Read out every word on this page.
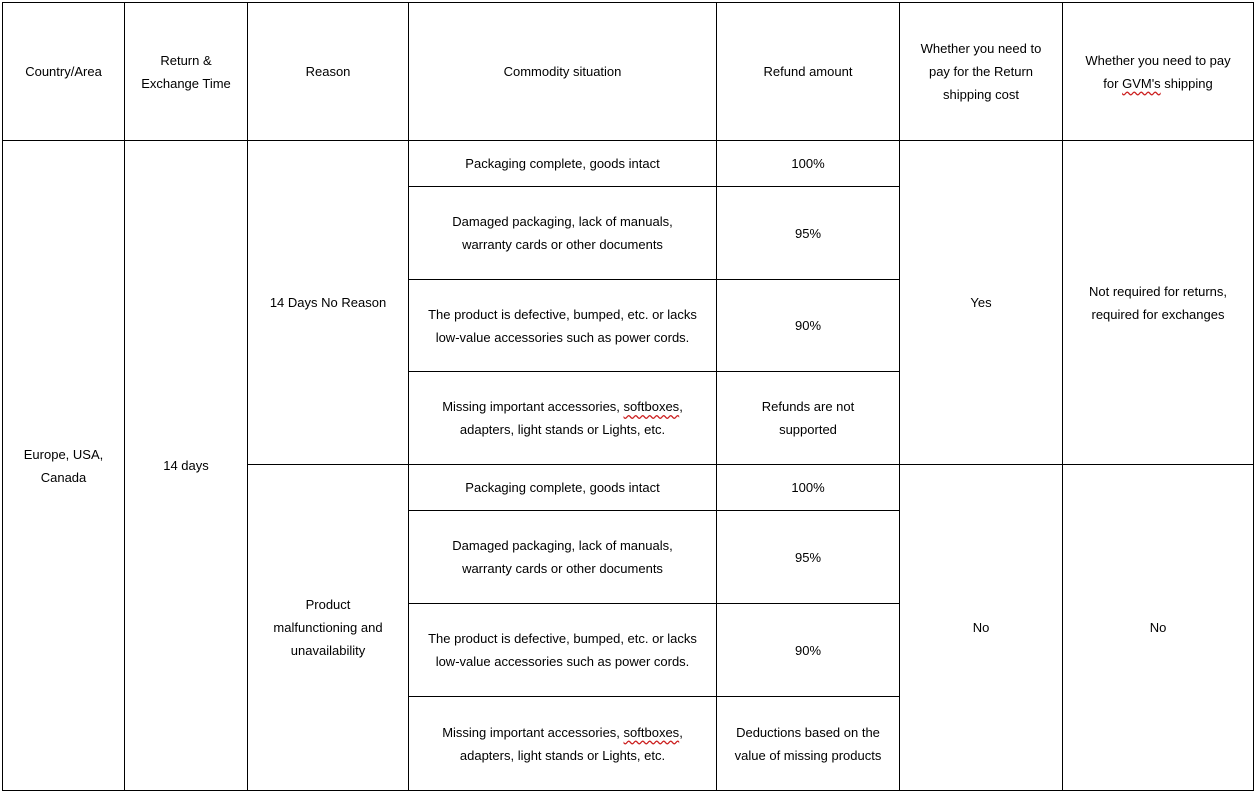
Country/Area	Return &
Exchange Time	Reason	Commodity situation	Refund amount	Whether you need to
pay for the Return
shipping cost	Whether you need to pay
for GVM's shipping

Europe, USA,
Canada	14 days	14 Days No Reason	Packaging complete, goods intact	100%	Yes	Not required for returns,
required for exchanges

			Damaged packaging, lack of manuals,
warranty cards or other documents	95%		

			The product is defective, bumped, etc. or lacks
low-value accessories such as power cords.	90%		

			Missing important accessories, softboxes,
adapters, light stands or Lights, etc.	Refunds are not
supported		

		Product
malfunctioning and
unavailability	Packaging complete, goods intact	100%	No	No

			Damaged packaging, lack of manuals,
warranty cards or other documents	95%		

			The product is defective, bumped, etc. or lacks
low-value accessories such as power cords.	90%		

			Missing important accessories, softboxes,
adapters, light stands or Lights, etc.	Deductions based on the
value of missing products		
